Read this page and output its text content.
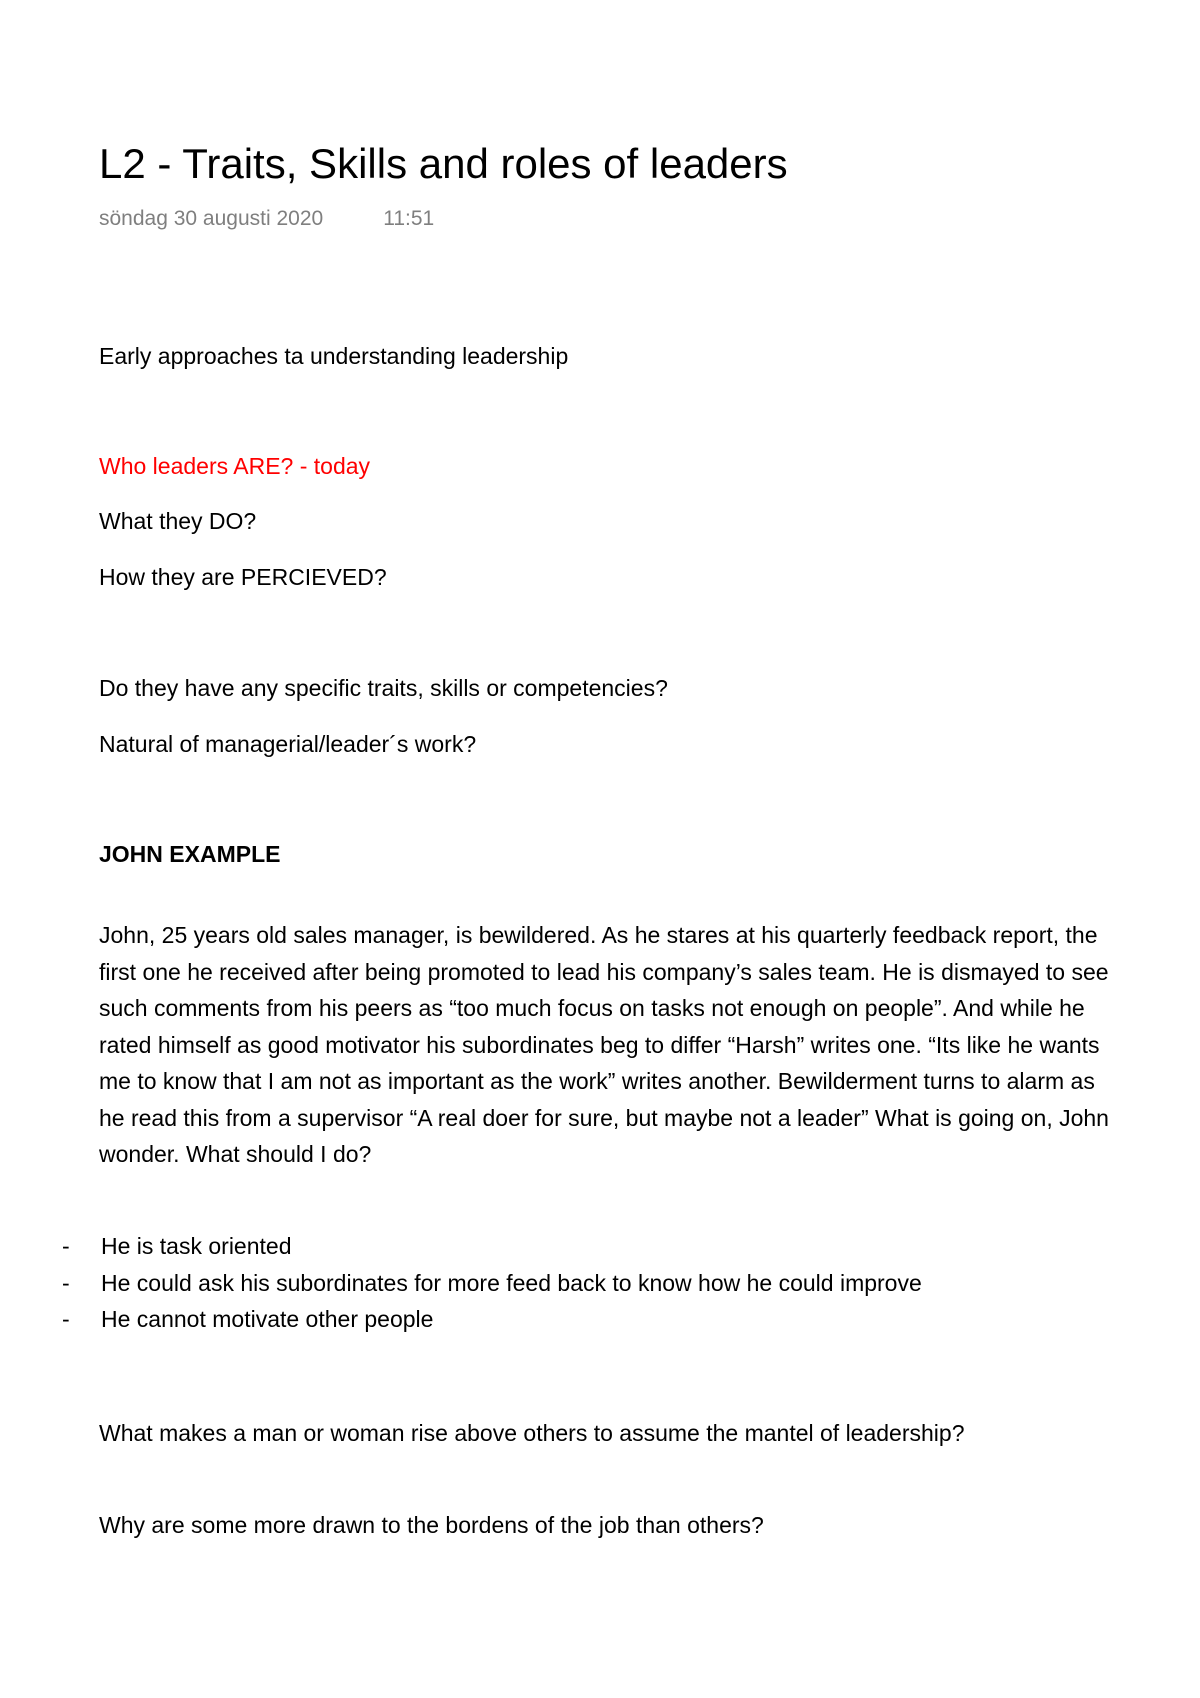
L2 - Traits, Skills and roles of leaders
söndag 30 augusti 2020	11:51

Early approaches ta understanding leadership

Who leaders ARE? - today

What they DO?

How they are PERCIEVED?

Do they have any specific traits, skills or competencies?

Natural of managerial/leader´s work?

JOHN EXAMPLE

John, 25 years old sales manager, is bewildered. As he stares at his quarterly feedback report, the first one he received after being promoted to lead his company’s sales team. He is dismayed to see such comments from his peers as “too much focus on tasks not enough on people”. And while he rated himself as good motivator his subordinates beg to differ “Harsh” writes one. “Its like he wants me to know that I am not as important as the work” writes another. Bewilderment turns to alarm as he read this from a supervisor “A real doer for sure, but maybe not a leader” What is going on, John wonder. What should I do?

- He is task oriented
- He could ask his subordinates for more feed back to know how he could improve
- He cannot motivate other people

What makes a man or woman rise above others to assume the mantel of leadership?

Why are some more drawn to the bordens of the job than others?
